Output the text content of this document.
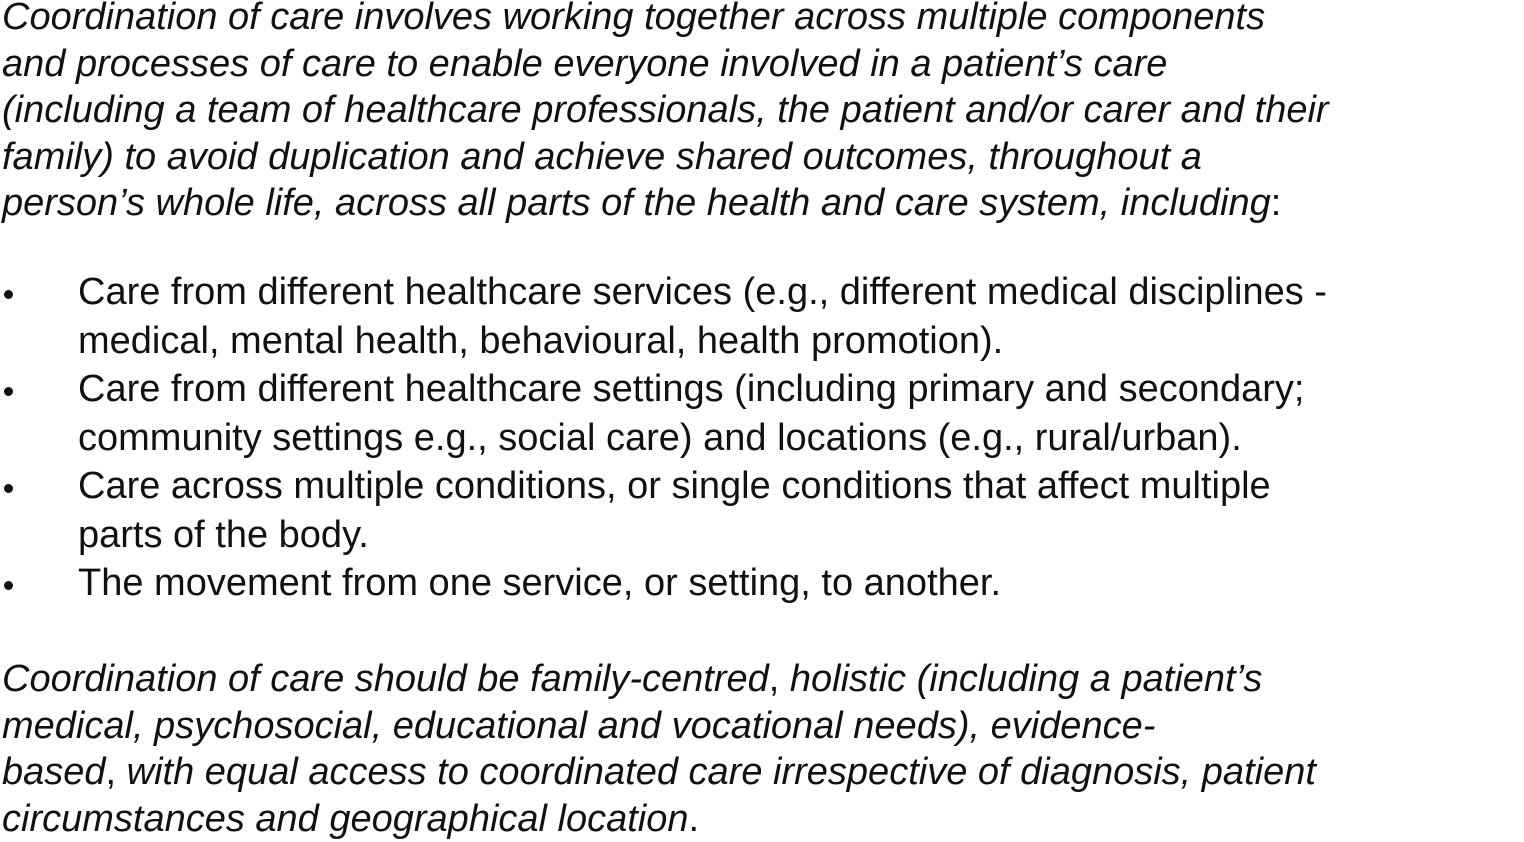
Coordination of care involves working together across multiple components
and processes of care to enable everyone involved in a patient’s care
(including a team of healthcare professionals, the patient and/or carer and their
family) to avoid duplication and achieve shared outcomes, throughout a
person’s whole life, across all parts of the health and care system, including:

Care from different healthcare services (e.g., different medical disciplines -
medical, mental health, behavioural, health promotion).
Care from different healthcare settings (including primary and secondary;
community settings e.g., social care) and locations (e.g., rural/urban).
Care across multiple conditions, or single conditions that affect multiple
parts of the body.
The movement from one service, or setting, to another.

Coordination of care should be family-centred, holistic (including a patient’s
medical, psychosocial, educational and vocational needs), evidence-
based, with equal access to coordinated care irrespective of diagnosis, patient
circumstances and geographical location.
